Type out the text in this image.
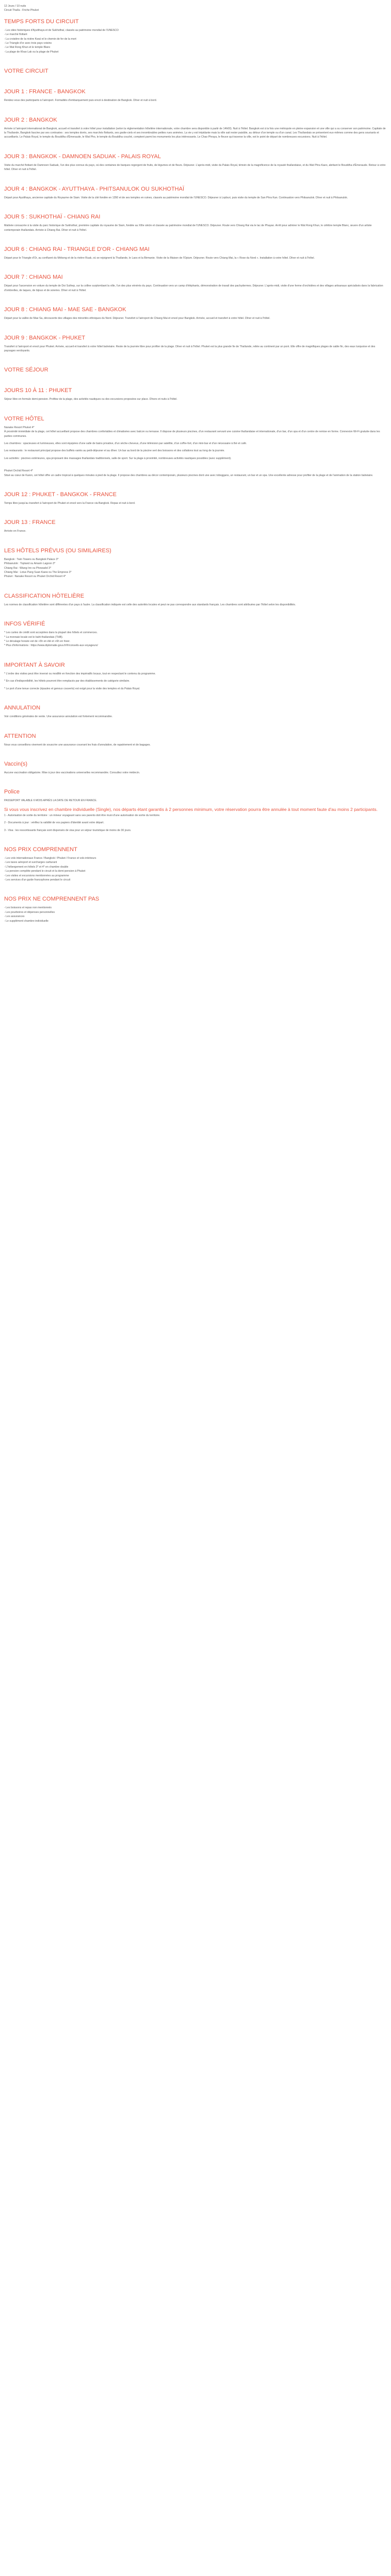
12 Jours / 10 nuits

Circuit Thaïla - Friche Phuket

TEMPS FORTS DU CIRCUIT

- Les sites historiques d'Ayutthaya et de Sukhothaï, classés au patrimoine mondial de l'UNESCO

- Le marché flottant

- La croisière de la rivière Kwaï et le chemin de fer de la mort

- Le Triangle d'or avec trois pays voisins

- Le Wat Rong Khun et le temple Blanc

- La plage de Khao Lak ou la plage de Phuket

VOTRE CIRCUIT
JOUR 1 : FRANCE - BANGKOK

Rendez-vous des participants à l'aéroport. Formalités d'embarquement puis envol à destination de Bangkok. Dîner et nuit à bord.

JOUR 2 : BANGKOK

Arrivée à l'aéroport international de Bangkok, accueil et transfert à votre hôtel pour installation (selon la réglementation hôtelière internationale, votre chambre sera disponible à partir de 14h00). Nuit à l'hôtel. Bangkok est à la fois une métropole en pleine expansion et une ville qui a su conserver son patrimoine. Capitale de la Thaïlande, Bangkok fascine par ses contrastes : ses temples dorés, ses marchés flottants, ses gratte-ciels et ses innombrables petites rues animées. La vie y est trépidante mais la ville sait rester paisible, au détour d'un temple ou d'un canal. Les Thaïlandais se présentent eux-mêmes comme des gens souriants et accueillants. Le Palais Royal, le temple du Bouddha d'Émeraude, le Wat Pho, le temple du Bouddha couché, comptent parmi les monuments les plus intéressants. Le Chao Phraya, le fleuve qui traverse la ville, est le point de départ de nombreuses excursions. Nuit à l'hôtel.

JOUR 3 : BANGKOK - DAMNOEN SADUAK - PALAIS ROYAL

Visite du marché flottant de Damnoen Saduak, l'un des plus connus du pays, où des centaines de barques regorgent de fruits, de légumes et de fleurs. Déjeuner. L'après-midi, visite du Palais Royal, témoin de la magnificence de la royauté thaïlandaise, et du Wat Phra Kaeo, abritant le Bouddha d'Émeraude. Retour à votre hôtel. Dîner et nuit à l'hôtel.

JOUR 4 : BANGKOK - AYUTTHAYA - PHITSANULOK OU SUKHOTHAÏ

Départ pour Ayutthaya, ancienne capitale du Royaume de Siam. Visite de la cité fondée en 1350 et de ses temples en ruines, classés au patrimoine mondial de l'UNESCO. Déjeuner à Lopburi, puis visite du temple de San Phra Kan. Continuation vers Phitsanulok. Dîner et nuit à Phitsanulok.

JOUR 5 : SUKHOTHAÏ - CHIANG RAI

Matinée consacrée à la visite du parc historique de Sukhothaï, première capitale du royaume de Siam, fondée au XIIIe siècle et classée au patrimoine mondial de l'UNESCO. Déjeuner. Route vers Chiang Rai via le lac de Phayao. Arrêt pour admirer le Wat Rong Khun, le célèbre temple Blanc, œuvre d'un artiste contemporain thaïlandais. Arrivée à Chiang Rai. Dîner et nuit à l'hôtel.

JOUR 6 : CHIANG RAI - TRIANGLE D'OR - CHIANG MAI

Départ pour le Triangle d'Or, au confluent du Mékong et de la rivière Ruak, où se rejoignent la Thaïlande, le Laos et la Birmanie. Visite de la Maison de l'Opium. Déjeuner. Route vers Chiang Mai, la « Rose du Nord ». Installation à votre hôtel. Dîner et nuit à l'hôtel.

JOUR 7 : CHIANG MAI

Départ pour l'ascension en voiture du temple de Doi Suthep, sur la colline surplombant la ville, l'un des plus vénérés du pays. Continuation vers un camp d'éléphants, démonstration de travail des pachydermes. Déjeuner. L'après-midi, visite d'une ferme d'orchidées et des villages artisanaux spécialisés dans la fabrication d'ombrelles, de laques, de bijoux et de soieries. Dîner et nuit à l'hôtel.

JOUR 8 : CHIANG MAI - MAE SAE - BANGKOK

Départ pour la vallée de Mae Sa, découverte des villages des minorités ethniques du Nord. Déjeuner. Transfert à l'aéroport de Chiang Mai et envol pour Bangkok. Arrivée, accueil et transfert à votre hôtel. Dîner et nuit à l'hôtel.

JOUR 9 : BANGKOK - PHUKET

Transfert à l'aéroport et envol pour Phuket. Arrivée, accueil et transfert à votre hôtel balnéaire. Reste de la journée libre pour profiter de la plage. Dîner et nuit à l'hôtel. Phuket est la plus grande île de Thaïlande, reliée au continent par un pont. Elle offre de magnifiques plages de sable fin, des eaux turquoise et des paysages verdoyants.

VOTRE SÉJOUR
JOURS 10 À 11 : PHUKET

Séjour libre en formule demi-pension. Profitez de la plage, des activités nautiques ou des excursions proposées sur place. Dîners et nuits à l'hôtel.

VOTRE HÔTEL

Nanake Resort Phuket 4*

À proximité immédiate de la plage, cet hôtel accueillant propose des chambres confortables et climatisées avec balcon ou terrasse. Il dispose de plusieurs piscines, d'un restaurant servant une cuisine thaïlandaise et internationale, d'un bar, d'un spa et d'un centre de remise en forme. Connexion Wi-Fi gratuite dans les parties communes.

Les chambres : spacieuses et lumineuses, elles sont équipées d'une salle de bains privative, d'un sèche-cheveux, d'une télévision par satellite, d'un coffre-fort, d'un mini-bar et d'un nécessaire à thé et café.

Les restaurants : le restaurant principal propose des buffets variés au petit-déjeuner et au dîner. Un bar au bord de la piscine sert des boissons et des collations tout au long de la journée.

Les activités : piscines extérieures, spa proposant des massages thaïlandais traditionnels, salle de sport. Sur la plage à proximité, nombreuses activités nautiques possibles (avec supplément).

Phuket Orchid Resort 4*

Situé au cœur de Karon, cet hôtel offre un cadre tropical à quelques minutes à pied de la plage. Il propose des chambres au décor contemporain, plusieurs piscines dont une avec toboggans, un restaurant, un bar et un spa. Une excellente adresse pour profiter de la plage et de l'animation de la station balnéaire.

JOUR 12 : PHUKET - BANGKOK - FRANCE

Temps libre jusqu'au transfert à l'aéroport de Phuket et envol vers la France via Bangkok. Repas et nuit à bord.

JOUR 13 : FRANCE

Arrivée en France.

LES HÔTELS PRÉVUS (OU SIMILAIRES)

Bangkok : Twin Towers ou Bangkok Palace 3*

Phitsanulok : Topland ou Amarin Lagoon 3*

Chiang Rai : Wiang Inn ou Phowadol 3*

Chiang Mai : Lotus Pang Suan Kaew ou The Empress 3*

Phuket : Nanake Resort ou Phuket Orchid Resort 4*

CLASSIFICATION HÔTELIÈRE

Les normes de classification hôtelière sont différentes d'un pays à l'autre. La classification indiquée est celle des autorités locales et peut ne pas correspondre aux standards français. Les chambres sont attribuées par l'hôtel selon les disponibilités.

INFOS VÉRIFIÉ

* Les cartes de crédit sont acceptées dans la plupart des hôtels et commerces.

* La monnaie locale est le baht thaïlandais (THB).

* Le décalage horaire est de +5h en été et +6h en hiver.

* Plus d'informations : https://www.diplomatie.gouv.fr/fr/conseils-aux-voyageurs/

IMPORTANT À SAVOIR

* L'ordre des visites peut être inversé ou modifié en fonction des impératifs locaux, tout en respectant le contenu du programme.

* En cas d'indisponibilité, les hôtels pourront être remplacés par des établissements de catégorie similaire.

* Le port d'une tenue correcte (épaules et genoux couverts) est exigé pour la visite des temples et du Palais Royal.

ANNULATION

Voir conditions générales de vente. Une assurance annulation est fortement recommandée.

ATTENTION

Nous vous conseillons vivement de souscrire une assurance couvrant les frais d'annulation, de rapatriement et de bagages.

Vaccin(s)

Aucune vaccination obligatoire. Mise à jour des vaccinations universelles recommandée. Consultez votre médecin.

Police

PASSEPORT VALABLE 6 MOIS APRÈS LA DATE DE RETOUR EN FRANCE.

Si vous vous inscrivez en chambre individuelle (Single), nos départs étant garantis à 2 personnes minimum, votre réservation pourra être annulée à tout moment faute d'au moins 2 participants.

1 - Autorisation de sortie du territoire : un mineur voyageant sans ses parents doit être muni d'une autorisation de sortie du territoire.

2 - Documents à jour : vérifiez la validité de vos papiers d'identité avant votre départ.

3 - Visa : les ressortissants français sont dispensés de visa pour un séjour touristique de moins de 30 jours.

NOS PRIX COMPRENNENT

- Les vols internationaux France / Bangkok / Phuket / France et vols intérieurs

- Les taxes aéroport et surcharges carburant

- L'hébergement en hôtels 3* et 4* en chambre double

- La pension complète pendant le circuit et la demi-pension à Phuket

- Les visites et excursions mentionnées au programme

- Les services d'un guide francophone pendant le circuit

NOS PRIX NE COMPRENNENT PAS

- Les boissons et repas non mentionnés

- Les pourboires et dépenses personnelles

- Les assurances

- Le supplément chambre individuelle
